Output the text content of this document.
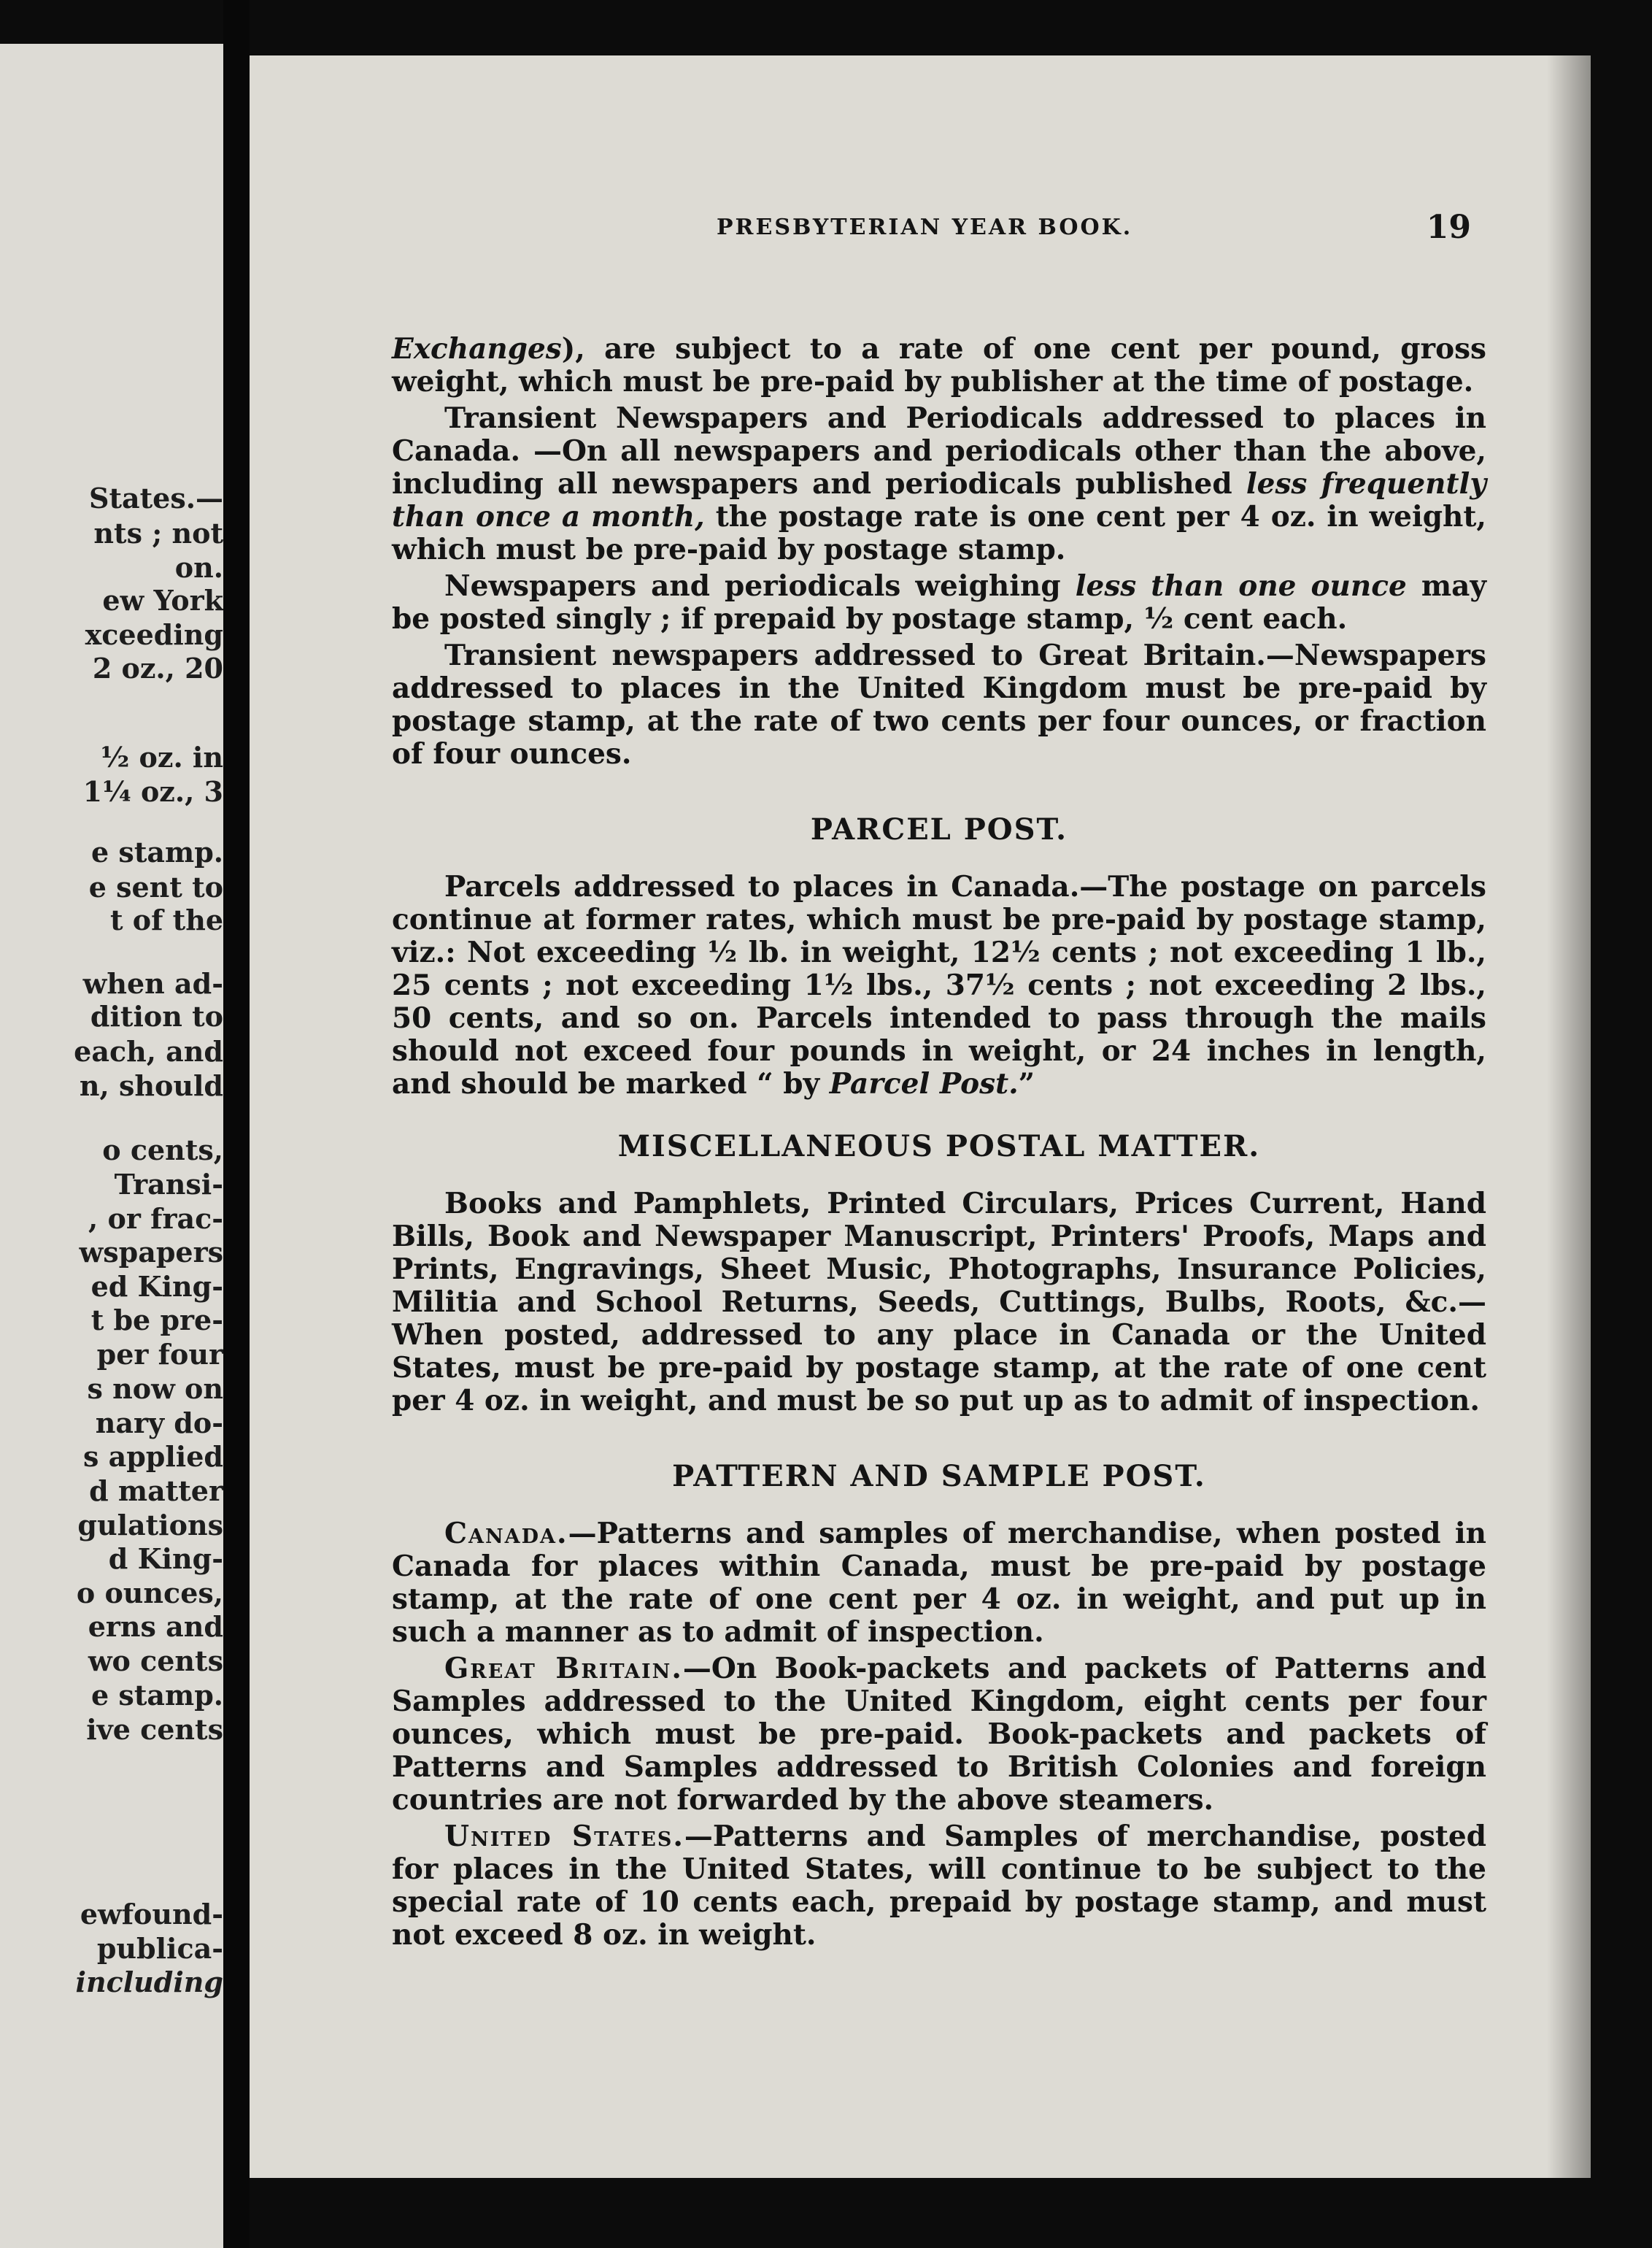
States.—
nts ; not
on.
ew York
xceeding
2 oz., 20
½ oz. in
1¼ oz., 3
e stamp.
e sent to
t of the
when ad-
dition to
each, and
n, should
o cents,
Transi-
, or frac-
wspapers
ed King-
t be pre-
per four
s now on
nary do-
s applied
d matter
gulations
d King-
o ounces,
erns and
wo cents
e stamp.
ive cents
ewfound-
publica-
including
PRESBYTERIAN YEAR BOOK.	19

Exchanges), are subject to a rate of one cent per pound, gross weight, which must be pre-paid by publisher at the time of postage.

Transient Newspapers and Periodicals addressed to places in Canada. —On all newspapers and periodicals other than the above, including all newspapers and periodicals published less frequently than once a month, the postage rate is one cent per 4 oz. in weight, which must be pre-paid by postage stamp.

Newspapers and periodicals weighing less than one ounce may be posted singly ; if prepaid by postage stamp, ½ cent each.

Transient newspapers addressed to Great Britain.—Newspapers addressed to places in the United Kingdom must be pre-paid by postage stamp, at the rate of two cents per four ounces, or fraction of four ounces.

PARCEL POST.

Parcels addressed to places in Canada.—The postage on parcels continue at former rates, which must be pre-paid by postage stamp, viz.: Not exceeding ½ lb. in weight, 12½ cents ; not exceeding 1 lb., 25 cents ; not exceeding 1½ lbs., 37½ cents ; not exceeding 2 lbs., 50 cents, and so on. Parcels intended to pass through the mails should not exceed four pounds in weight, or 24 inches in length, and should be marked “ by Parcel Post.”

MISCELLANEOUS POSTAL MATTER.

Books and Pamphlets, Printed Circulars, Prices Current, Hand Bills, Book and Newspaper Manuscript, Printers' Proofs, Maps and Prints, Engravings, Sheet Music, Photographs, Insurance Policies, Militia and School Returns, Seeds, Cuttings, Bulbs, Roots, &c.—When posted, addressed to any place in Canada or the United States, must be pre-paid by postage stamp, at the rate of one cent per 4 oz. in weight, and must be so put up as to admit of inspection.

PATTERN AND SAMPLE POST.

Canada.—Patterns and samples of merchandise, when posted in Canada for places within Canada, must be pre-paid by postage stamp, at the rate of one cent per 4 oz. in weight, and put up in such a manner as to admit of inspection.

Great Britain.—On Book-packets and packets of Patterns and Samples addressed to the United Kingdom, eight cents per four ounces, which must be pre-paid. Book-packets and packets of Patterns and Samples addressed to British Colonies and foreign countries are not forwarded by the above steamers.

United States.—Patterns and Samples of merchandise, posted for places in the United States, will continue to be subject to the special rate of 10 cents each, prepaid by postage stamp, and must not exceed 8 oz. in weight.
